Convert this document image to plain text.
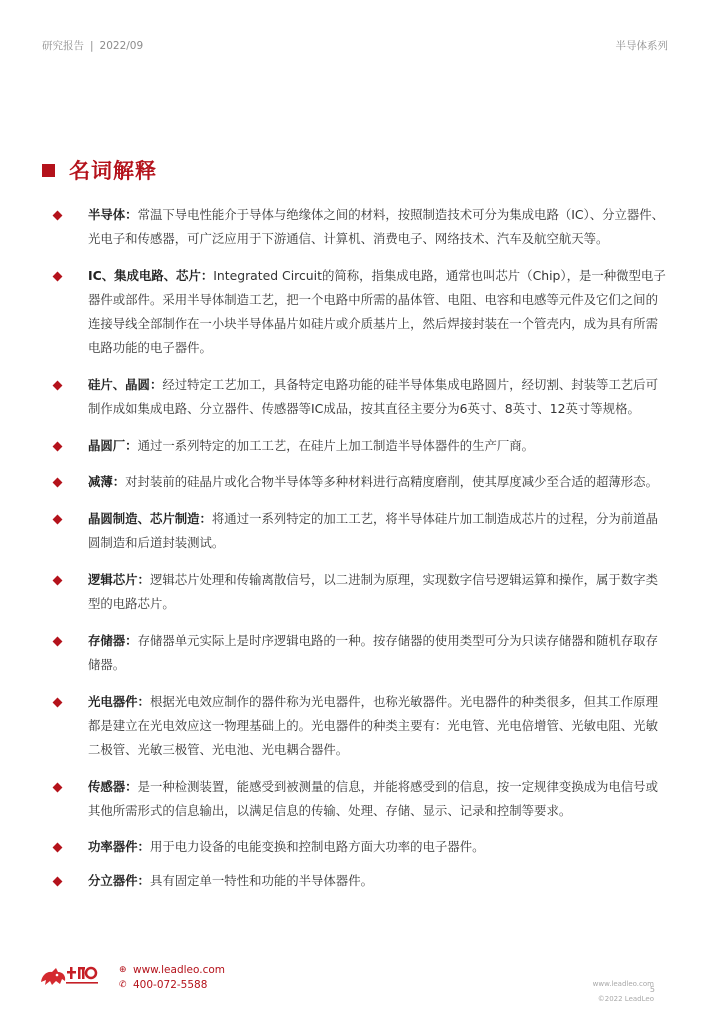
研究报告 | 2022/09	半导体系列
名词解释
半导体：常温下导电性能介于导体与绝缘体之间的材料，按照制造技术可分为集成电路（IC）、分立器件、光电子和传感器，可广泛应用于下游通信、计算机、消费电子、网络技术、汽车及航空航天等。
IC、集成电路、芯片：Integrated Circuit的简称，指集成电路，通常也叫芯片（Chip），是一种微型电子器件或部件。采用半导体制造工艺，把一个电路中所需的晶体管、电阻、电容和电感等元件及它们之间的连接导线全部制作在一小块半导体晶片如硅片或介质基片上，然后焊接封装在一个管壳内，成为具有所需电路功能的电子器件。
硅片、晶圆：经过特定工艺加工，具备特定电路功能的硅半导体集成电路圆片，经切割、封装等工艺后可制作成如集成电路、分立器件、传感器等IC成品，按其直径主要分为6英寸、8英寸、12英寸等规格。
晶圆厂：通过一系列特定的加工工艺，在硅片上加工制造半导体器件的生产厂商。
减薄：对封装前的硅晶片或化合物半导体等多种材料进行高精度磨削，使其厚度减少至合适的超薄形态。
晶圆制造、芯片制造：将通过一系列特定的加工工艺，将半导体硅片加工制造成芯片的过程，分为前道晶圆制造和后道封装测试。
逻辑芯片：逻辑芯片处理和传输离散信号，以二进制为原理，实现数字信号逻辑运算和操作，属于数字类型的电路芯片。
存储器：存储器单元实际上是时序逻辑电路的一种。按存储器的使用类型可分为只读存储器和随机存取存储器。
光电器件：根据光电效应制作的器件称为光电器件，也称光敏器件。光电器件的种类很多，但其工作原理都是建立在光电效应这一物理基础上的。光电器件的种类主要有：光电管、光电倍增管、光敏电阻、光敏二极管、光敏三极管、光电池、光电耦合器件。
传感器：是一种检测装置，能感受到被测量的信息，并能将感受到的信息，按一定规律变换成为电信号或其他所需形式的信息输出，以满足信息的传输、处理、存储、显示、记录和控制等要求。
功率器件：用于电力设备的电能变换和控制电路方面大功率的电子器件。
分立器件：具有固定单一特性和功能的半导体器件。
⊕ www.leadleo.com
✆ 400-072-5588	www.leadleo.com
©2022 LeadLeo
5
